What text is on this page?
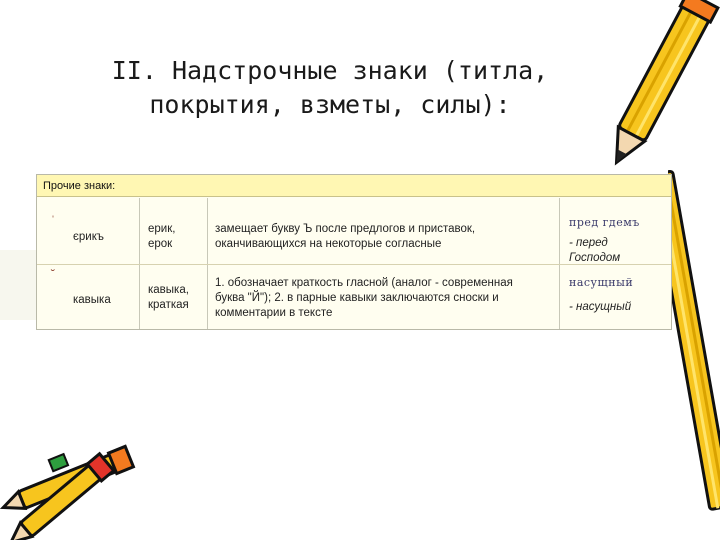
II. Надстрочные знаки (титла,
покрытия, взметы, силы):
Прочие знаки:
ˌ
єрикъ
ерик,
ерок
замещает букву Ъ после предлогов и приставок,
оканчивающихся на некоторые согласные
пред гдемъ
- перед
Господом
˘
кавыка
кавыка,
краткая
1. обозначает краткость гласной (аналог - современная
буква "Й"); 2. в парные кавыки заключаются сноски и
комментарии в тексте
насущный
- насущный
